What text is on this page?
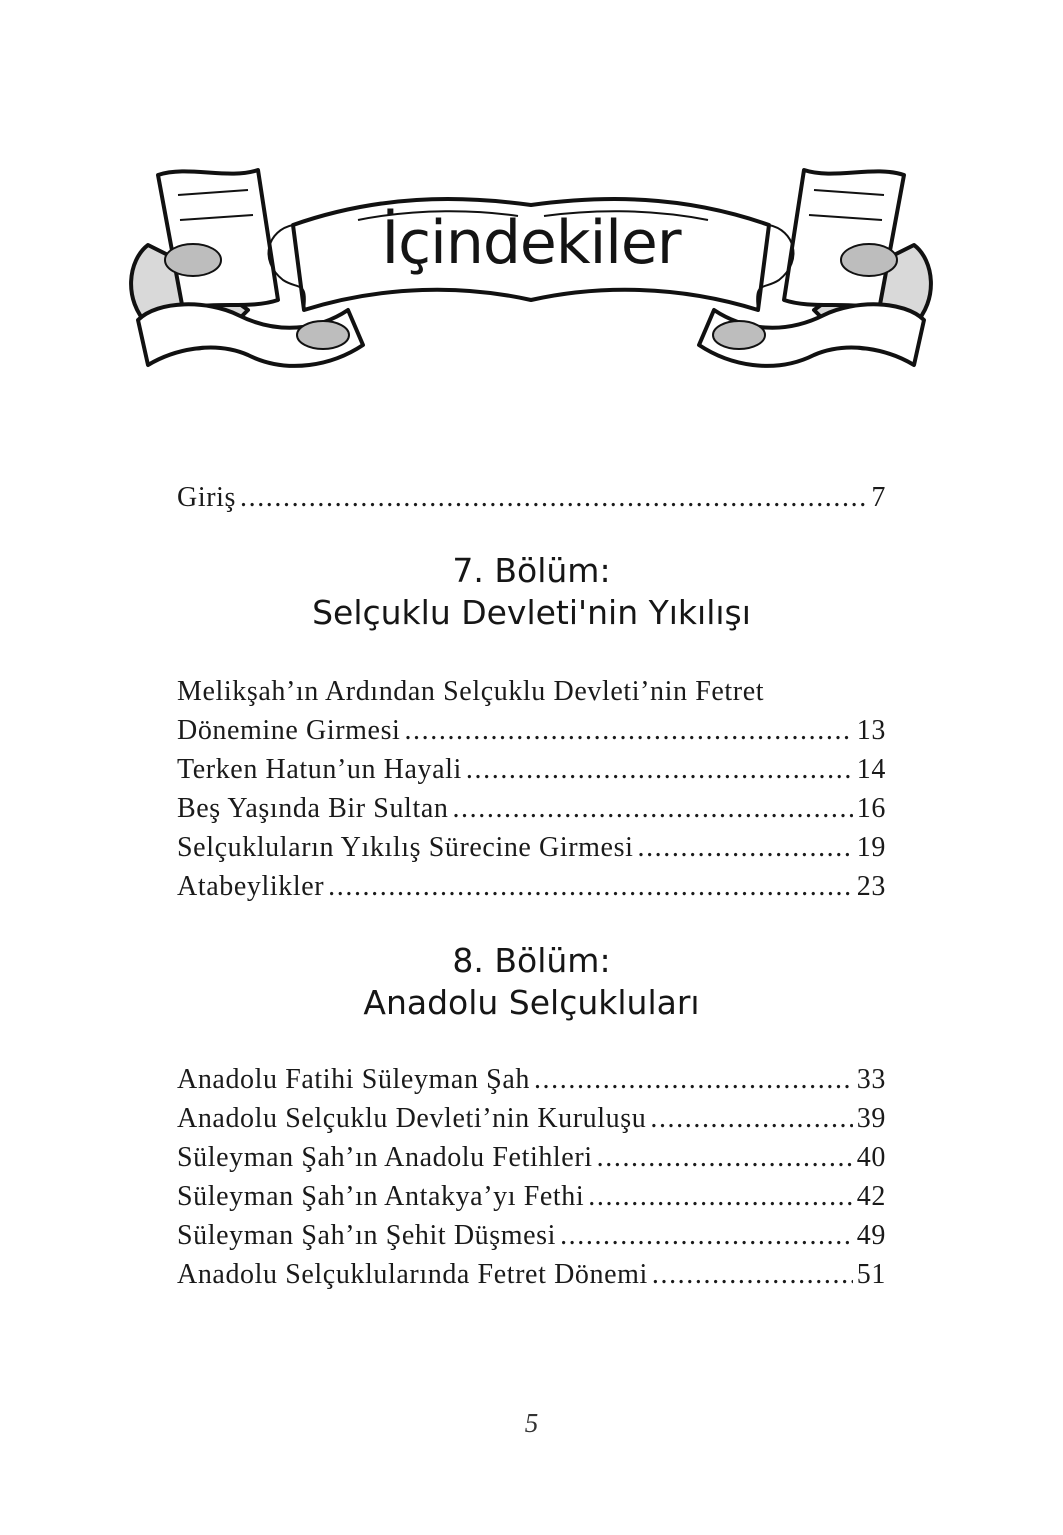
İçindekiler
Giriş .....	7
7. Bölüm:
Selçuklu Devleti'nin Yıkılışı
Melikşah’ın Ardından Selçuklu Devleti’nin Fetret
Dönemine Girmesi .....	13
Terken Hatun’un Hayali .....	14
Beş Yaşında Bir Sultan .....	16
Selçukluların Yıkılış Sürecine Girmesi .....	19
Atabeylikler .....	23
8. Bölüm:
Anadolu Selçukluları
Anadolu Fatihi Süleyman Şah .....	33
Anadolu Selçuklu Devleti’nin Kuruluşu .....	39
Süleyman Şah’ın Anadolu Fetihleri .....	40
Süleyman Şah’ın Antakya’yı Fethi .....	42
Süleyman Şah’ın Şehit Düşmesi .....	49
Anadolu Selçuklularında Fetret Dönemi .....	51
5
